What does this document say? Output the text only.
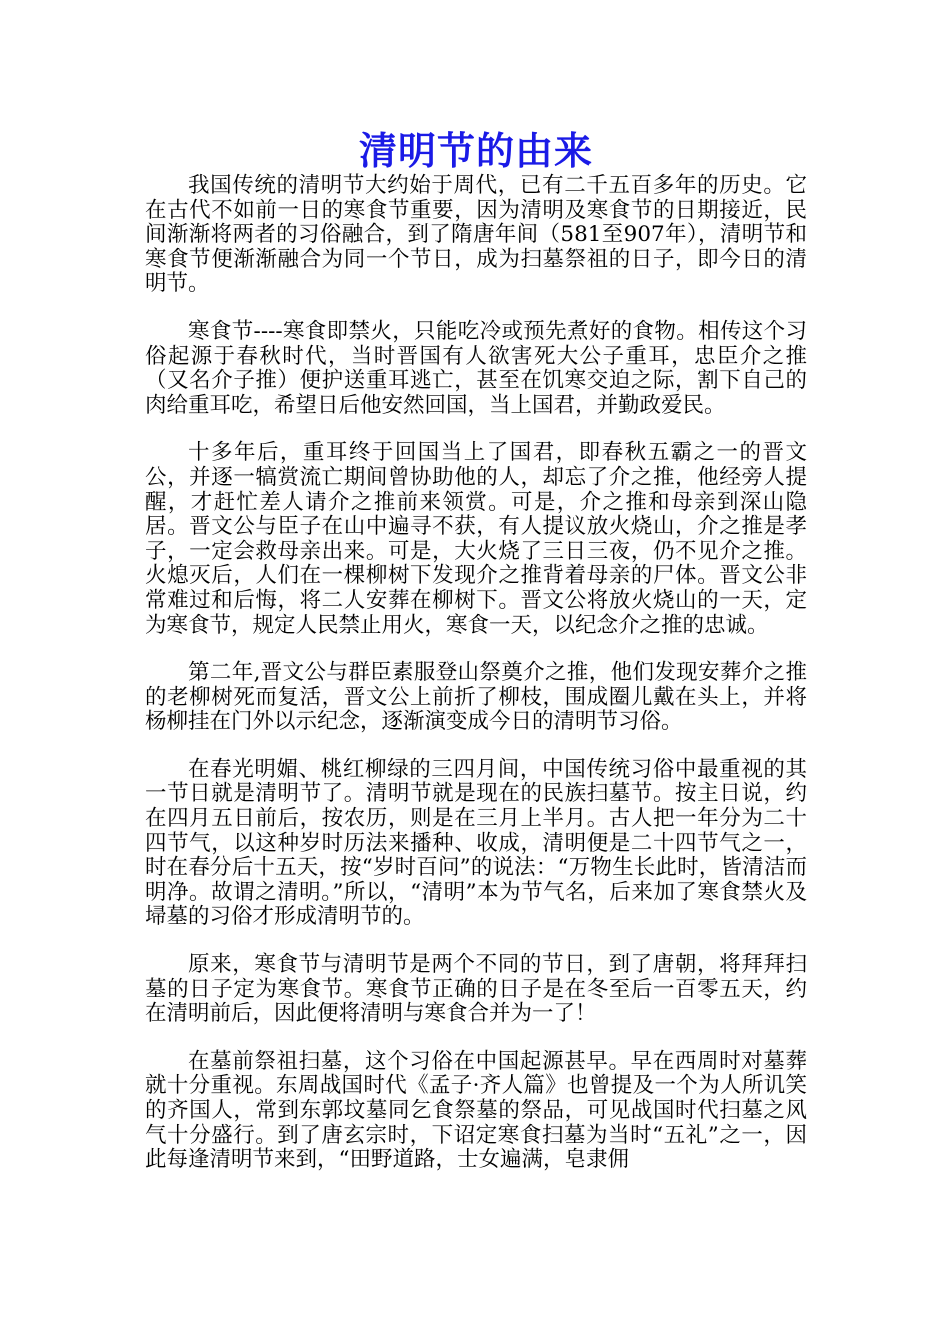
清明节的由来

我国传统的清明节大约始于周代，已有二千五百多年的历史。它在古代不如前一日的寒食节重要，因为清明及寒食节的日期接近，民间渐渐将两者的习俗融合，到了隋唐年间（581至907年），清明节和寒食节便渐渐融合为同一个节日，成为扫墓祭祖的日子，即今日的清明节。

寒食节----寒食即禁火，只能吃冷或预先煮好的食物。相传这个习俗起源于春秋时代，当时晋国有人欲害死大公子重耳，忠臣介之推（又名介子推）便护送重耳逃亡，甚至在饥寒交迫之际，割下自己的肉给重耳吃，希望日后他安然回国，当上国君，并勤政爱民。

十多年后，重耳终于回国当上了国君，即春秋五霸之一的晋文公，并逐一犒赏流亡期间曾协助他的人，却忘了介之推，他经旁人提醒，才赶忙差人请介之推前来领赏。可是，介之推和母亲到深山隐居。晋文公与臣子在山中遍寻不获，有人提议放火烧山，介之推是孝子，一定会救母亲出来。可是，大火烧了三日三夜，仍不见介之推。火熄灭后，人们在一棵柳树下发现介之推背着母亲的尸体。晋文公非常难过和后悔，将二人安葬在柳树下。晋文公将放火烧山的一天，定为寒食节，规定人民禁止用火，寒食一天，以纪念介之推的忠诚。

第二年,晋文公与群臣素服登山祭奠介之推，他们发现安葬介之推的老柳树死而复活，晋文公上前折了柳枝，围成圈儿戴在头上，并将杨柳挂在门外以示纪念，逐渐演变成今日的清明节习俗。

在春光明媚、桃红柳绿的三四月间，中国传统习俗中最重视的其一节日就是清明节了。清明节就是现在的民族扫墓节。按主日说，约在四月五日前后，按农历，则是在三月上半月。古人把一年分为二十四节气，以这种岁时历法来播种、收成，清明便是二十四节气之一，时在春分后十五天，按“岁时百问”的说法：“万物生长此时，皆清洁而明净。故谓之清明。”所以，“清明”本为节气名，后来加了寒食禁火及埽墓的习俗才形成清明节的。

原来，寒食节与清明节是两个不同的节日，到了唐朝，将拜拜扫墓的日子定为寒食节。寒食节正确的日子是在冬至后一百零五天，约在清明前后，因此便将清明与寒食合并为一了！

在墓前祭祖扫墓，这个习俗在中国起源甚早。早在西周时对墓葬就十分重视。东周战国时代《孟子·齐人篇》也曾提及一个为人所讥笑的齐国人，常到东郭坟墓同乞食祭墓的祭品，可见战国时代扫墓之风气十分盛行。到了唐玄宗时，下诏定寒食扫墓为当时“五礼”之一，因此每逢清明节来到，“田野道路，士女遍满，皂隶佣
